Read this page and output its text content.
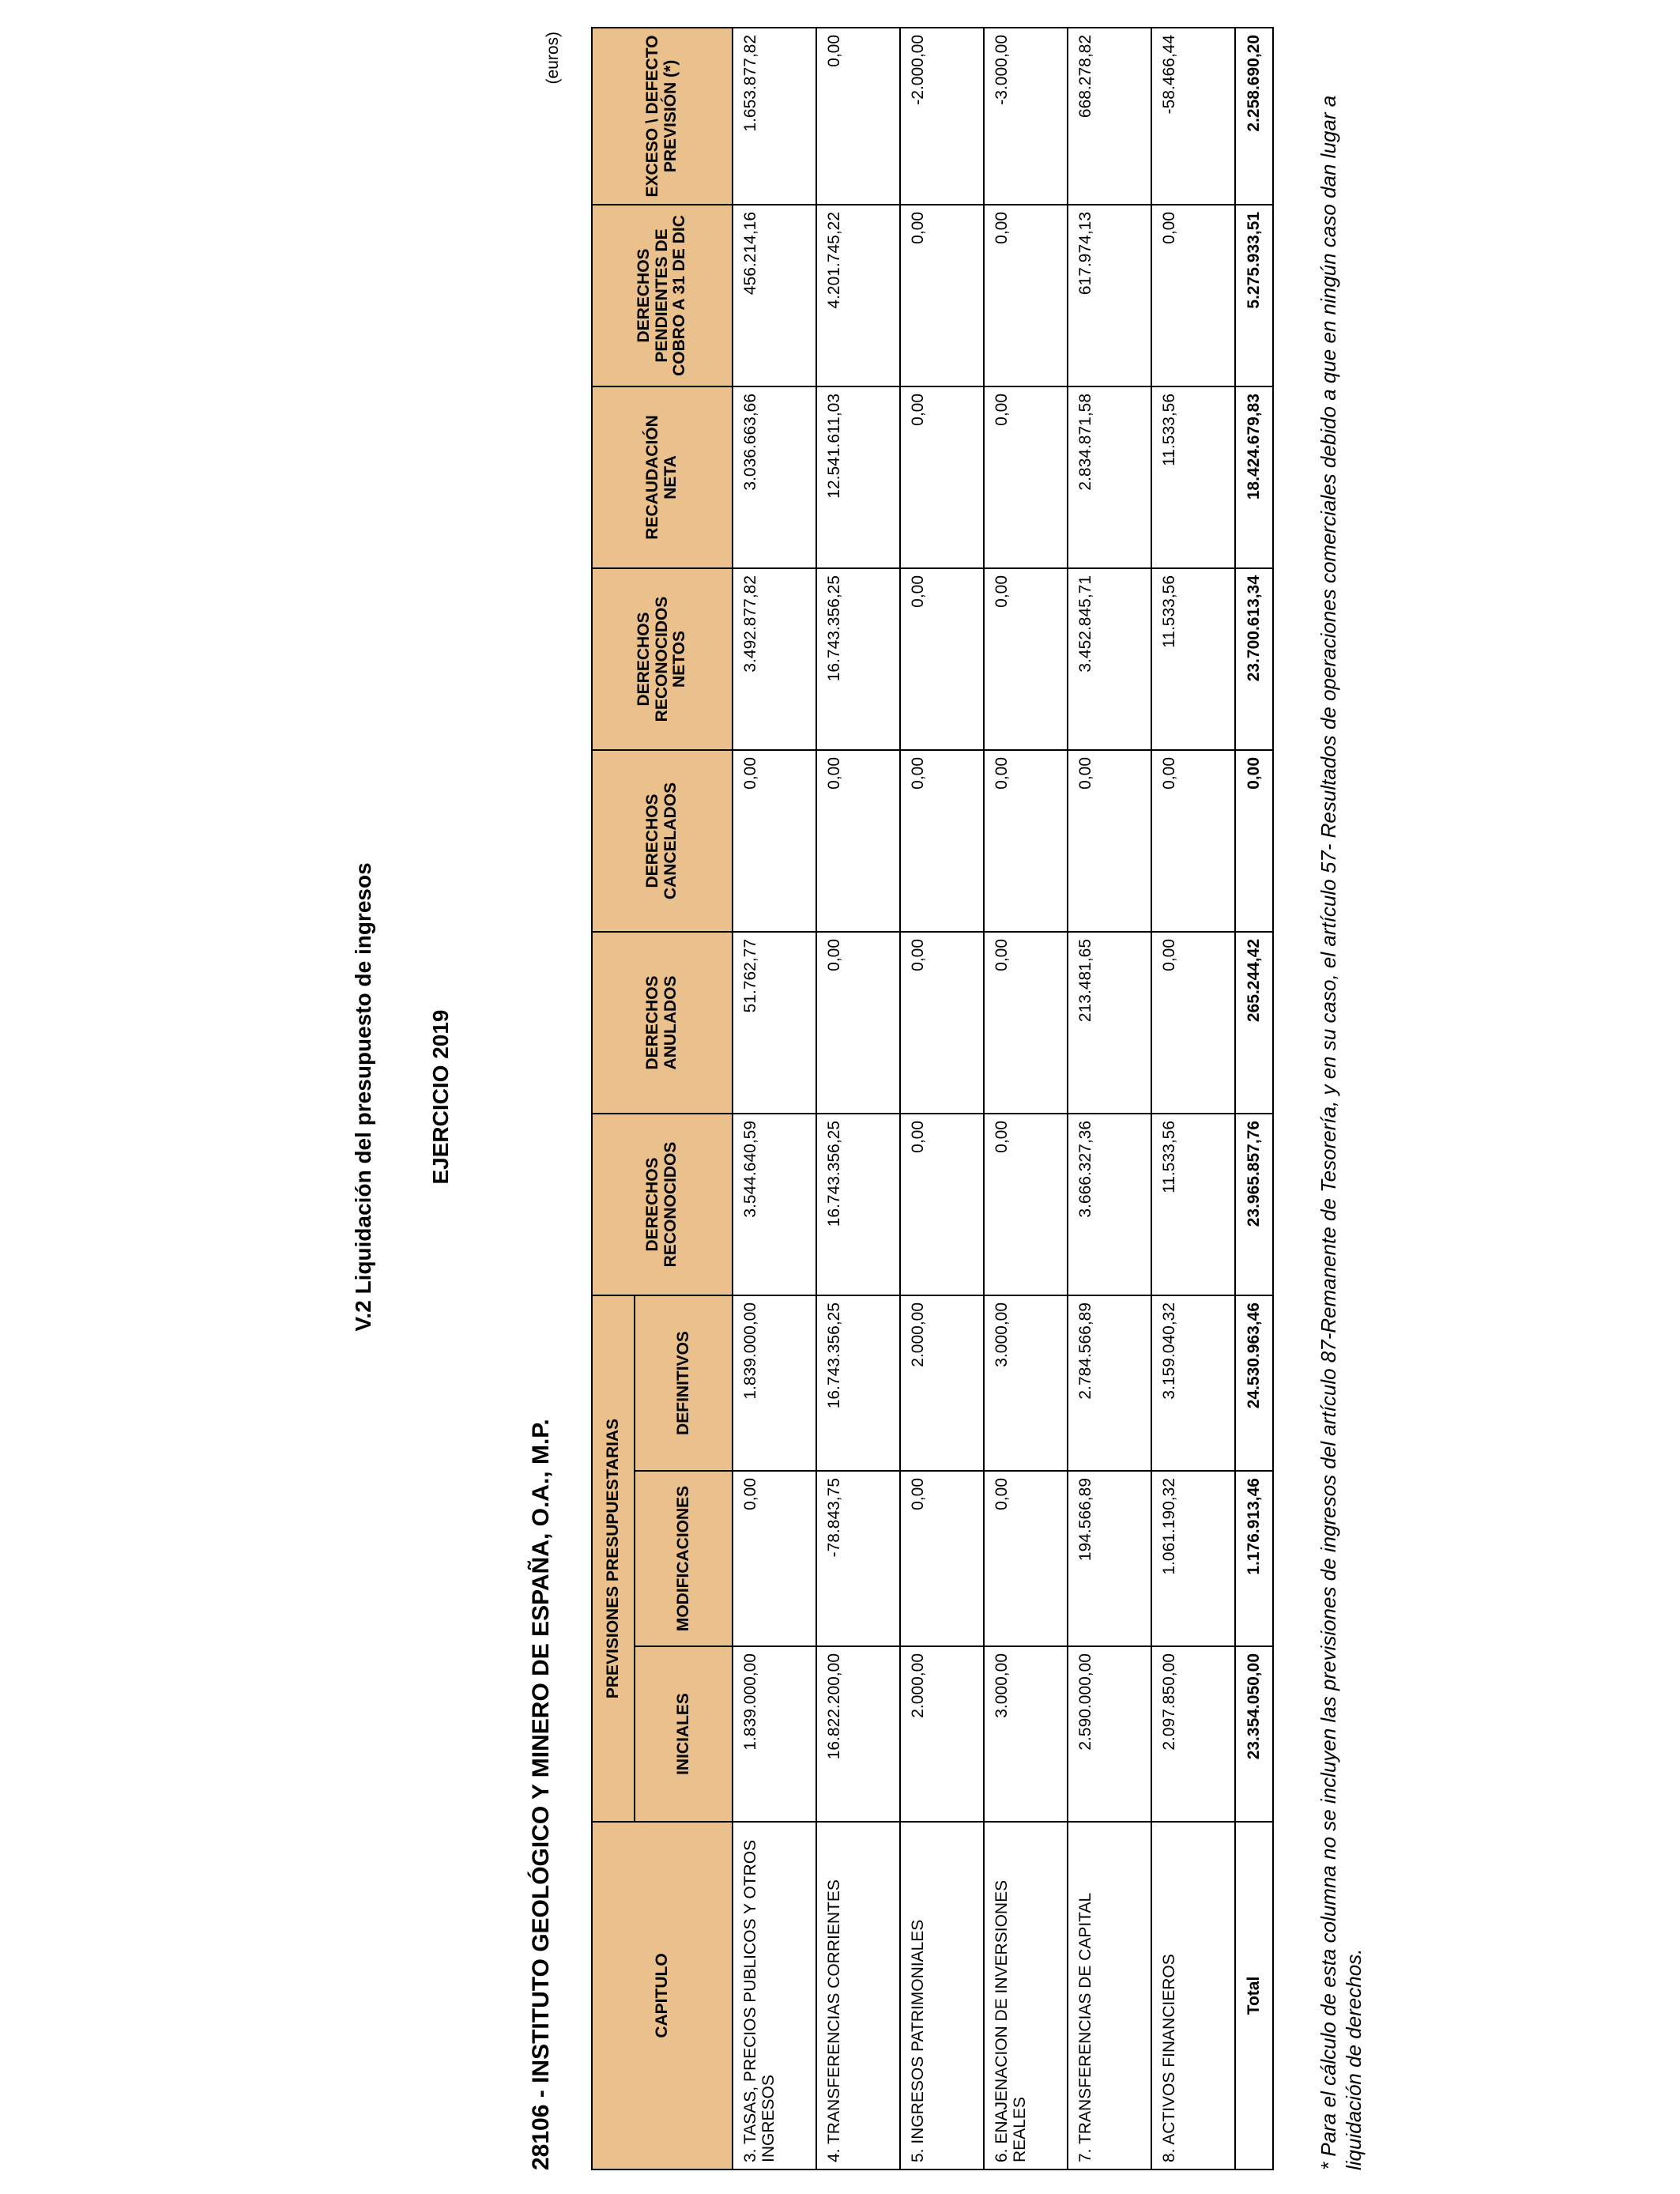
V.2 Liquidación del presupuesto de ingresos EJERCICIO 2019
28106 - INSTITUTO GEOLÓGICO Y MINERO DE ESPAÑA, O.A., M.P.
(euros)
CAPITULO	PREVISIONES PRESUPUESTARIAS			DERECHOS RECONOCIDOS	DERECHOS ANULADOS	DERECHOS CANCELADOS	DERECHOS RECONOCIDOS NETOS	RECAUDACIÓN NETA	DERECHOS PENDIENTES DE COBRO A 31 DE DIC	EXCESO \ DEFECTO PREVISIÓN (*)
	INICIALES	MODIFICACIONES	DEFINITIVOS							
3. TASAS, PRECIOS PUBLICOS Y OTROS INGRESOS	1.839.000,00	0,00	1.839.000,00	3.544.640,59	51.762,77	0,00	3.492.877,82	3.036.663,66	456.214,16	1.653.877,82
4. TRANSFERENCIAS CORRIENTES	16.822.200,00	-78.843,75	16.743.356,25	16.743.356,25	0,00	0,00	16.743.356,25	12.541.611,03	4.201.745,22	0,00
5. INGRESOS PATRIMONIALES	2.000,00	0,00	2.000,00	0,00	0,00	0,00	0,00	0,00	0,00	-2.000,00
6. ENAJENACION DE INVERSIONES REALES	3.000,00	0,00	3.000,00	0,00	0,00	0,00	0,00	0,00	0,00	-3.000,00
7. TRANSFERENCIAS DE CAPITAL	2.590.000,00	194.566,89	2.784.566,89	3.666.327,36	213.481,65	0,00	3.452.845,71	2.834.871,58	617.974,13	668.278,82
8. ACTIVOS FINANCIEROS	2.097.850,00	1.061.190,32	3.159.040,32	11.533,56	0,00	0,00	11.533,56	11.533,56	0,00	-58.466,44
Total	23.354.050,00	1.176.913,46	24.530.963,46	23.965.857,76	265.244,42	0,00	23.700.613,34	18.424.679,83	5.275.933,51	2.258.690,20
* Para el cálculo de esta columna no se incluyen las previsiones de ingresos del artículo 87-Remanente de Tesorería, y en su caso, el artículo 57- Resultados de operaciones comerciales debido a que en ningún caso dan lugar a liquidación de derechos.
